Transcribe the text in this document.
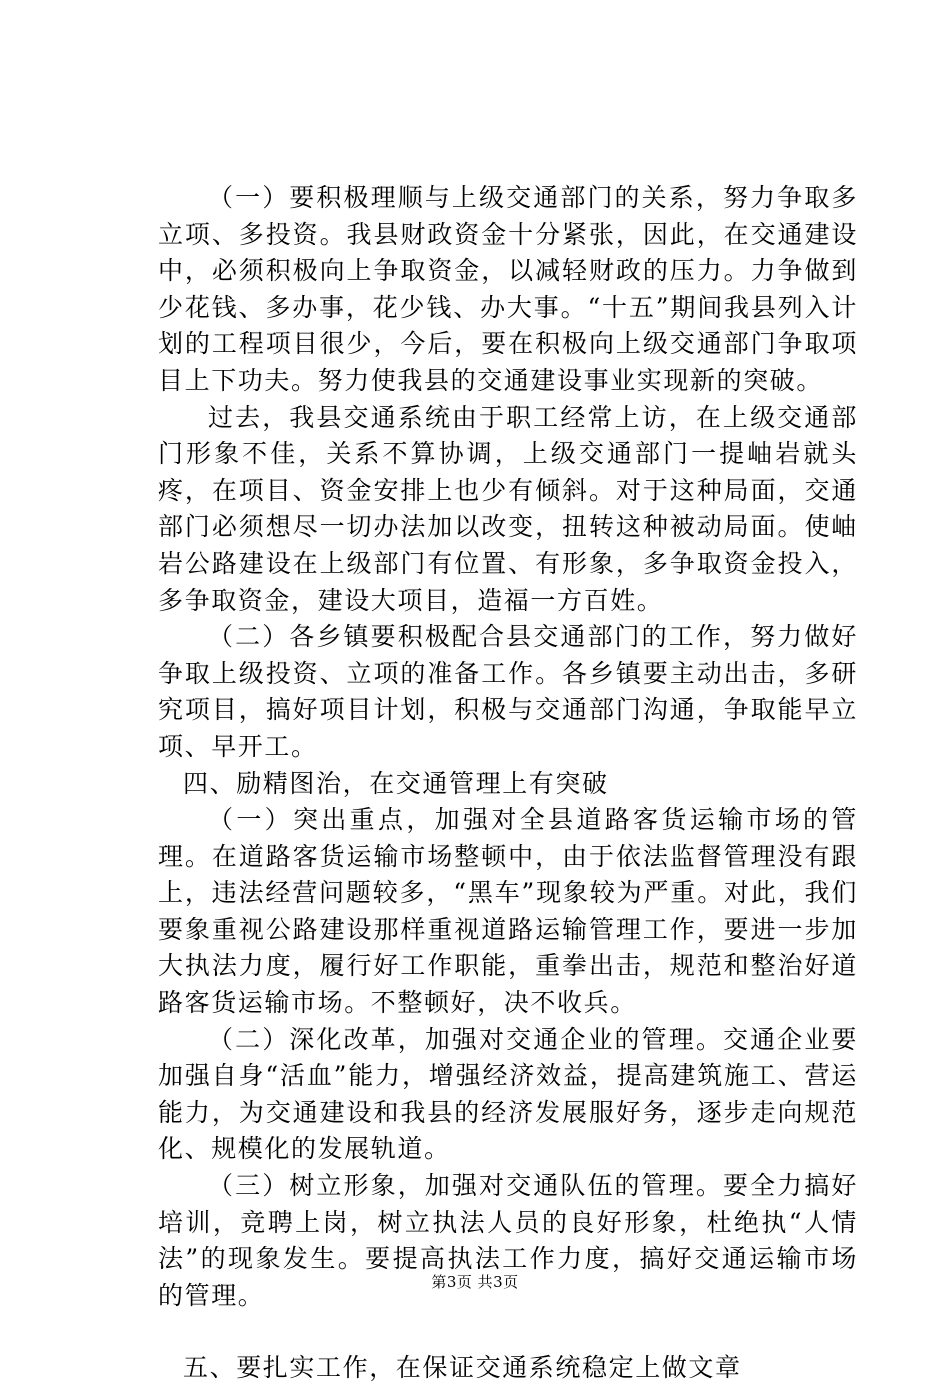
（一）要积极理顺与上级交通部门的关系，努力争取多立项、多投资。我县财政资金十分紧张，因此，在交通建设中，必须积极向上争取资金，以减轻财政的压力。力争做到少花钱、多办事，花少钱、办大事。“十五”期间我县列入计划的工程项目很少，今后，要在积极向上级交通部门争取项目上下功夫。努力使我县的交通建设事业实现新的突破。

过去，我县交通系统由于职工经常上访，在上级交通部门形象不佳，关系不算协调，上级交通部门一提岫岩就头疼，在项目、资金安排上也少有倾斜。对于这种局面，交通部门必须想尽一切办法加以改变，扭转这种被动局面。使岫岩公路建设在上级部门有位置、有形象，多争取资金投入，多争取资金，建设大项目，造福一方百姓。

（二）各乡镇要积极配合县交通部门的工作，努力做好争取上级投资、立项的准备工作。各乡镇要主动出击，多研究项目，搞好项目计划，积极与交通部门沟通，争取能早立项、早开工。

四、励精图治，在交通管理上有突破

（一）突出重点，加强对全县道路客货运输市场的管理。在道路客货运输市场整顿中，由于依法监督管理没有跟上，违法经营问题较多，“黑车”现象较为严重。对此，我们要象重视公路建设那样重视道路运输管理工作，要进一步加大执法力度，履行好工作职能，重拳出击，规范和整治好道路客货运输市场。不整顿好，决不收兵。

（二）深化改革，加强对交通企业的管理。交通企业要加强自身“活血”能力，增强经济效益，提高建筑施工、营运能力，为交通建设和我县的经济发展服好务，逐步走向规范化、规模化的发展轨道。

（三）树立形象，加强对交通队伍的管理。要全力搞好培训，竞聘上岗，树立执法人员的良好形象，杜绝执“人情法”的现象发生。要提高执法工作力度，搞好交通运输市场的管理。

五、要扎实工作，在保证交通系统稳定上做文章

第3页 共3页
